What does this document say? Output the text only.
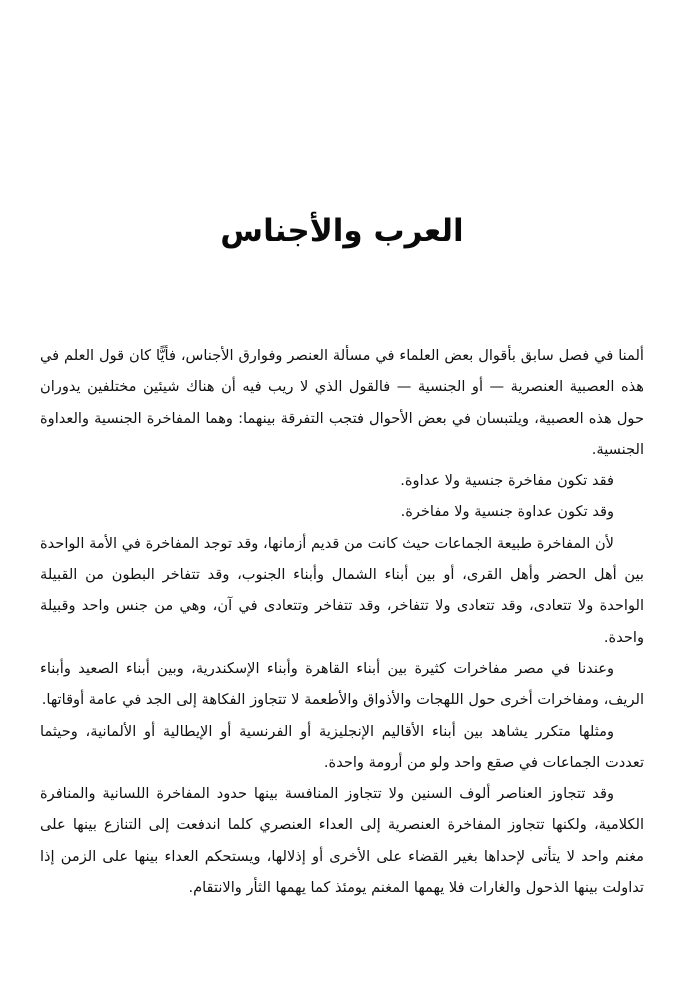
العرب والأجناس

ألمنا في فصل سابق بأقوال بعض العلماء في مسألة العنصر وفوارق الأجناس، فأيًّا كان قول العلم في هذه العصبية العنصرية — أو الجنسية — فالقول الذي لا ريب فيه أن هناك شيئين مختلفين يدوران حول هذه العصبية، ويلتبسان في بعض الأحوال فتجب التفرقة بينهما: وهما المفاخرة الجنسية والعداوة الجنسية.

فقد تكون مفاخرة جنسية ولا عداوة.

وقد تكون عداوة جنسية ولا مفاخرة.

لأن المفاخرة طبيعة الجماعات حيث كانت من قديم أزمانها، وقد توجد المفاخرة في الأمة الواحدة بين أهل الحضر وأهل القرى، أو بين أبناء الشمال وأبناء الجنوب، وقد تتفاخر البطون من القبيلة الواحدة ولا تتعادى، وقد تتعادى ولا تتفاخر، وقد تتفاخر وتتعادى في آن، وهي من جنس واحد وقبيلة واحدة.

وعندنا في مصر مفاخرات كثيرة بين أبناء القاهرة وأبناء الإسكندرية، وبين أبناء الصعيد وأبناء الريف، ومفاخرات أخرى حول اللهجات والأذواق والأطعمة لا تتجاوز الفكاهة إلى الجد في عامة أوقاتها.

ومثلها متكرر يشاهد بين أبناء الأقاليم الإنجليزية أو الفرنسية أو الإيطالية أو الألمانية، وحيثما تعددت الجماعات في صقع واحد ولو من أرومة واحدة.

وقد تتجاوز العناصر ألوف السنين ولا تتجاوز المنافسة بينها حدود المفاخرة اللسانية والمنافرة الكلامية، ولكنها تتجاوز المفاخرة العنصرية إلى العداء العنصري كلما اندفعت إلى التنازع بينها على مغنم واحد لا يتأتى لإحداها بغير القضاء على الأخرى أو إذلالها، ويستحكم العداء بينها على الزمن إذا تداولت بينها الذحول والغارات فلا يهمها المغنم يومئذ كما يهمها الثأر والانتقام.
